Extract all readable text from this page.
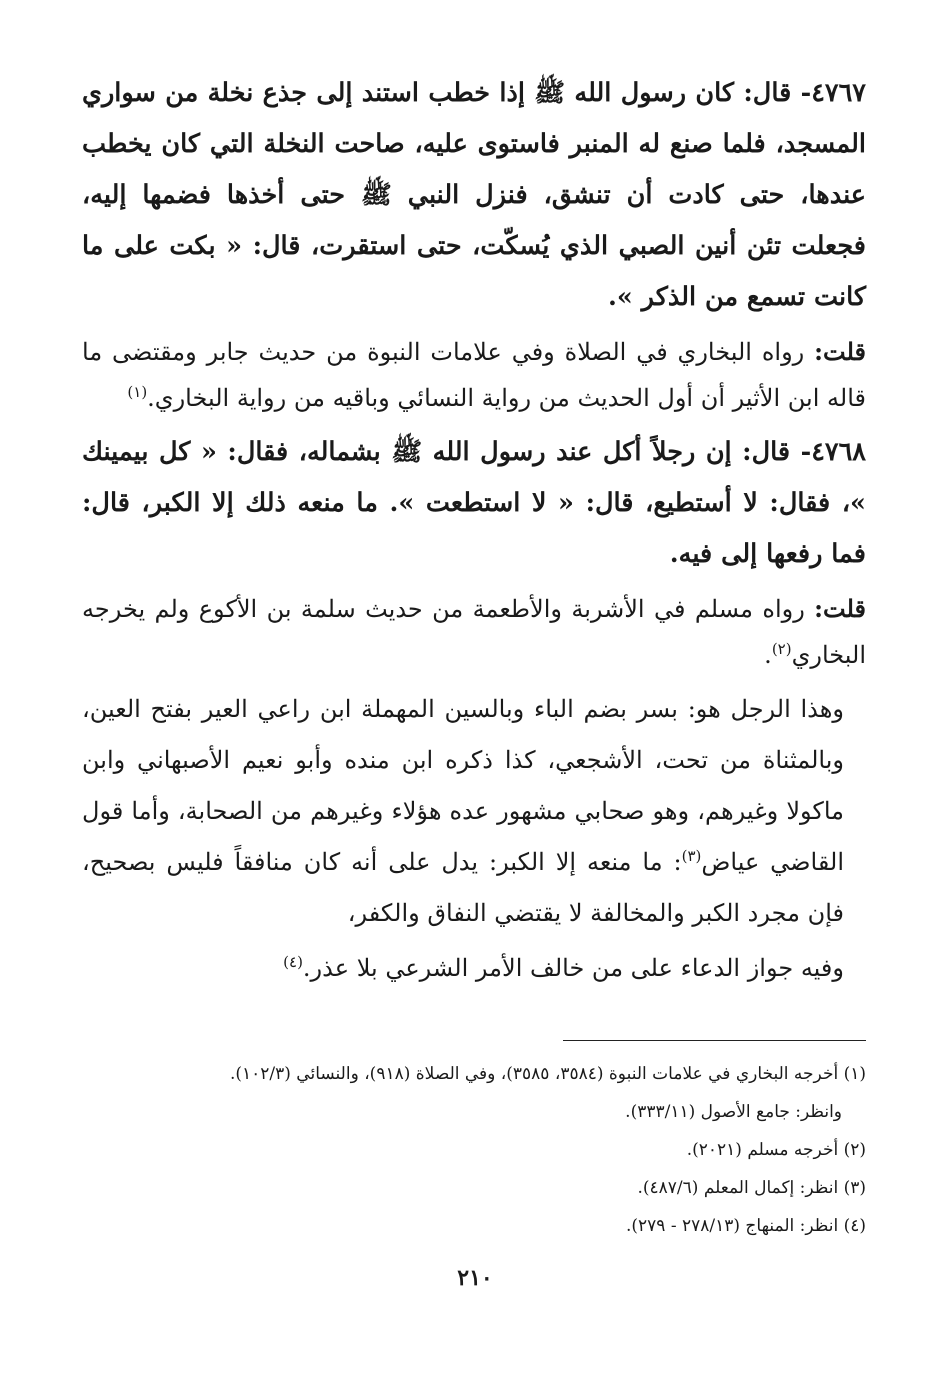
٤٧٦٧- قال: كان رسول الله ﷺ إذا خطب استند إلى جذع نخلة من سواري المسجد، فلما صنع له المنبر فاستوى عليه، صاحت النخلة التي كان يخطب عندها، حتى كادت أن تنشق، فنزل النبي ﷺ حتى أخذها فضمها إليه، فجعلت تئن أنين الصبي الذي يُسكّت، حتى استقرت، قال: « بكت على ما كانت تسمع من الذكر ».

قلت: رواه البخاري في الصلاة وفي علامات النبوة من حديث جابر ومقتضى ما قاله ابن الأثير أن أول الحديث من رواية النسائي وباقيه من رواية البخاري.$^{(١)}$

٤٧٦٨- قال: إن رجلاً أكل عند رسول الله ﷺ بشماله، فقال: « كل بيمينك »، فقال: لا أستطيع، قال: « لا استطعت ». ما منعه ذلك إلا الكبر، قال: فما رفعها إلى فيه.

قلت: رواه مسلم في الأشربة والأطعمة من حديث سلمة بن الأكوع ولم يخرجه البخاري$^{(٢)}$.

وهذا الرجل هو: بسر بضم الباء وبالسين المهملة ابن راعي العير بفتح العين، وبالمثناة من تحت، الأشجعي، كذا ذكره ابن منده وأبو نعيم الأصبهاني وابن ماكولا وغيرهم، وهو صحابي مشهور عده هؤلاء وغيرهم من الصحابة، وأما قول القاضي عياض$^{(٣)}$: ما منعه إلا الكبر: يدل على أنه كان منافقاً فليس بصحيح، فإن مجرد الكبر والمخالفة لا يقتضي النفاق والكفر،

وفيه جواز الدعاء على من خالف الأمر الشرعي بلا عذر.$^{(٤)}$

(١) أخرجه البخاري في علامات النبوة (٣٥٨٤، ٣٥٨٥)، وفي الصلاة (٩١٨)، والنسائي (١٠٢/٣).

وانظر: جامع الأصول (٣٣٣/١١).

(٢) أخرجه مسلم (٢٠٢١).

(٣) انظر: إكمال المعلم (٤٨٧/٦).

(٤) انظر: المنهاج (٢٧٨/١٣ - ٢٧٩).

٢١٠
